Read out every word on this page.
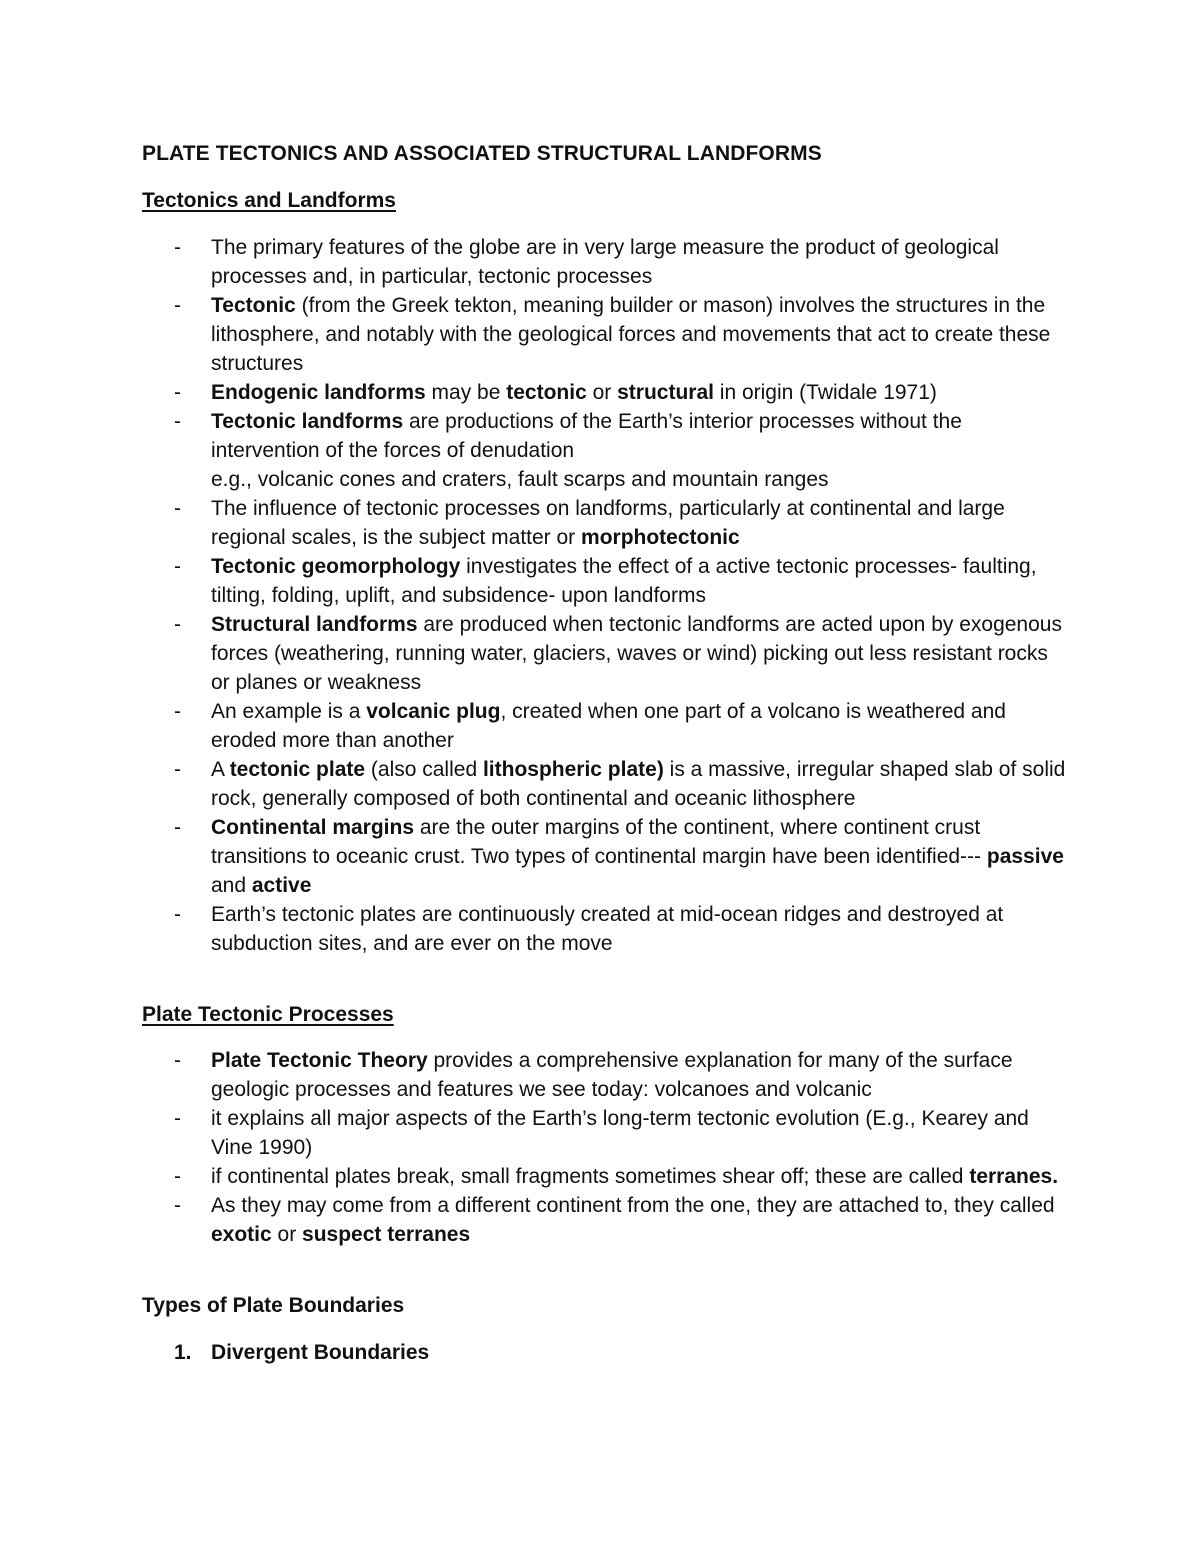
PLATE TECTONICS AND ASSOCIATED STRUCTURAL LANDFORMS
Tectonics and Landforms
- The primary features of the globe are in very large measure the product of geological processes and, in particular, tectonic processes
- Tectonic (from the Greek tekton, meaning builder or mason) involves the structures in the lithosphere, and notably with the geological forces and movements that act to create these structures
- Endogenic landforms may be tectonic or structural in origin (Twidale 1971)
- Tectonic landforms are productions of the Earth’s interior processes without the intervention of the forces of denudation
e.g., volcanic cones and craters, fault scarps and mountain ranges
- The influence of tectonic processes on landforms, particularly at continental and large regional scales, is the subject matter or morphotectonic
- Tectonic geomorphology investigates the effect of a active tectonic processes- faulting, tilting, folding, uplift, and subsidence- upon landforms
- Structural landforms are produced when tectonic landforms are acted upon by exogenous forces (weathering, running water, glaciers, waves or wind) picking out less resistant rocks or planes or weakness
- An example is a volcanic plug, created when one part of a volcano is weathered and eroded more than another
- A tectonic plate (also called lithospheric plate) is a massive, irregular shaped slab of solid rock, generally composed of both continental and oceanic lithosphere
- Continental margins are the outer margins of the continent, where continent crust transitions to oceanic crust. Two types of continental margin have been identified--- passive and active
- Earth’s tectonic plates are continuously created at mid-ocean ridges and destroyed at subduction sites, and are ever on the move
Plate Tectonic Processes
- Plate Tectonic Theory provides a comprehensive explanation for many of the surface geologic processes and features we see today: volcanoes and volcanic
- it explains all major aspects of the Earth’s long-term tectonic evolution (E.g., Kearey and Vine 1990)
- if continental plates break, small fragments sometimes shear off; these are called terranes.
- As they may come from a different continent from the one, they are attached to, they called exotic or suspect terranes
Types of Plate Boundaries
1. Divergent Boundaries
